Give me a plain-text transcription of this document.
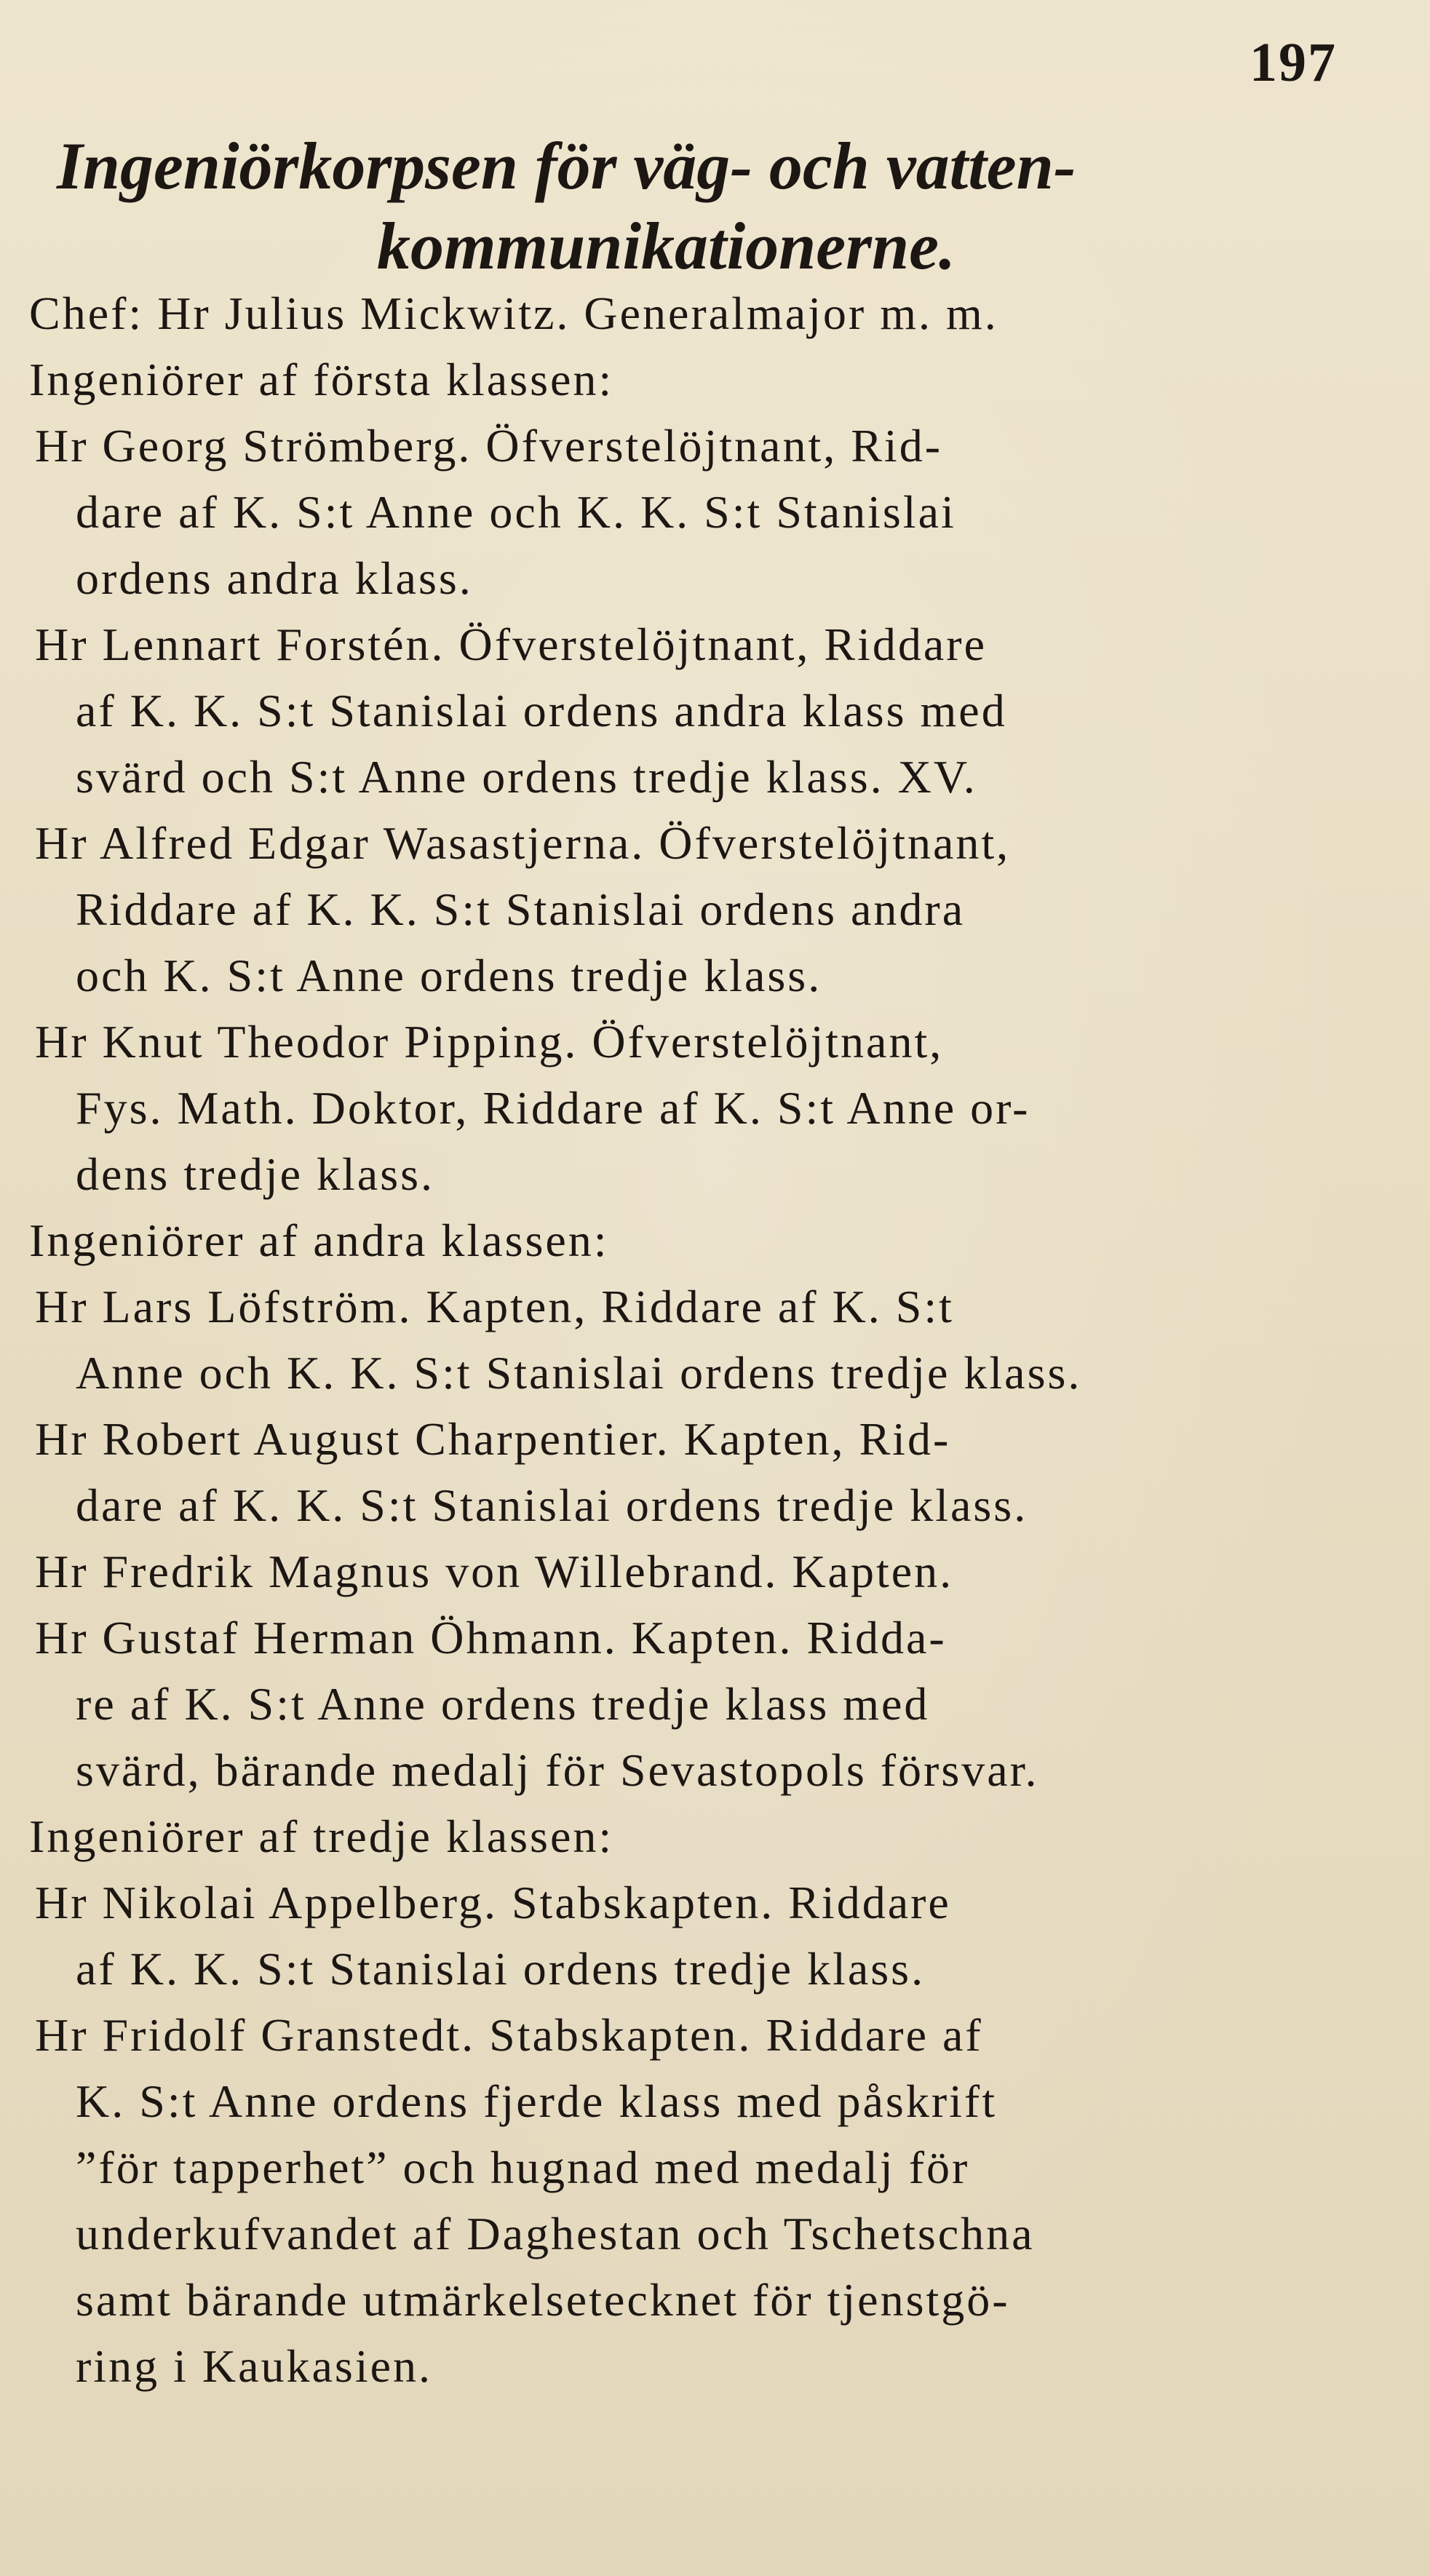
197
Ingeniörkorpsen för väg- och vatten-
kommunikationerne.
Chef: Hr Julius Mickwitz. Generalmajor m. m.
Ingeniörer af första klassen:
Hr Georg Strömberg. Öfverstelöjtnant, Rid-
dare af K. S:t Anne och K. K. S:t Stanislai
ordens andra klass.
Hr Lennart Forstén. Öfverstelöjtnant, Riddare
af K. K. S:t Stanislai ordens andra klass med
svärd och S:t Anne ordens tredje klass. XV.
Hr Alfred Edgar Wasastjerna. Öfverstelöjtnant,
Riddare af K. K. S:t Stanislai ordens andra
och K. S:t Anne ordens tredje klass.
Hr Knut Theodor Pipping. Öfverstelöjtnant,
Fys. Math. Doktor, Riddare af K. S:t Anne or-
dens tredje klass.
Ingeniörer af andra klassen:
Hr Lars Löfström. Kapten, Riddare af K. S:t
Anne och K. K. S:t Stanislai ordens tredje klass.
Hr Robert August Charpentier. Kapten, Rid-
dare af K. K. S:t Stanislai ordens tredje klass.
Hr Fredrik Magnus von Willebrand. Kapten.
Hr Gustaf Herman Öhmann. Kapten. Ridda-
re af K. S:t Anne ordens tredje klass med
svärd, bärande medalj för Sevastopols försvar.
Ingeniörer af tredje klassen:
Hr Nikolai Appelberg. Stabskapten. Riddare
af K. K. S:t Stanislai ordens tredje klass.
Hr Fridolf Granstedt. Stabskapten. Riddare af
K. S:t Anne ordens fjerde klass med påskrift
”för tapperhet” och hugnad med medalj för
underkufvandet af Daghestan och Tschetschna
samt bärande utmärkelsetecknet för tjenstgö-
ring i Kaukasien.
